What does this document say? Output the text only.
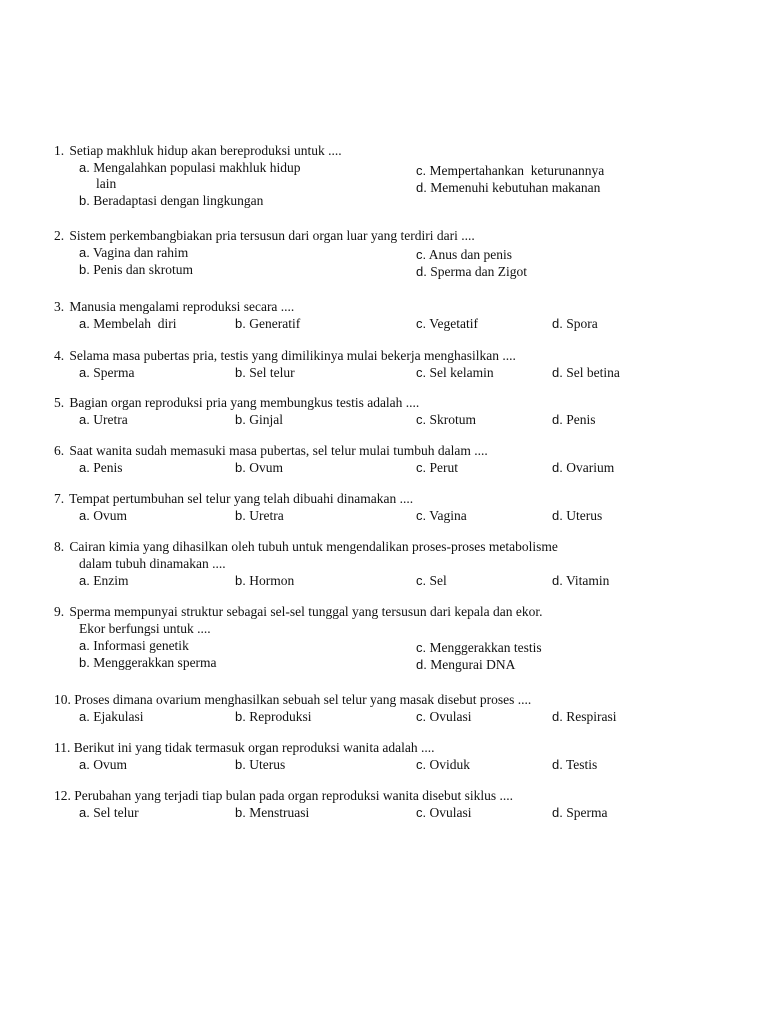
1. Setiap makhluk hidup akan bereproduksi untuk ....
a. Mengalahkan populasi makhluk hidup
lain
b. Beradaptasi dengan lingkungan
c. Mempertahankan  keturunannya
d. Memenuhi kebutuhan makanan
2. Sistem perkembangbiakan pria tersusun dari organ luar yang terdiri dari ....
a. Vagina dan rahim
b. Penis dan skrotum
c. Anus dan penis
d. Sperma dan Zigot
3. Manusia mengalami reproduksi secara ....
a. Membelah  diri	b. Generatif	c. Vegetatif	d. Spora
4. Selama masa pubertas pria, testis yang dimilikinya mulai bekerja menghasilkan ....
a. Sperma	b. Sel telur	c. Sel kelamin	d. Sel betina
5. Bagian organ reproduksi pria yang membungkus testis adalah ....
a. Uretra	b. Ginjal	c. Skrotum	d. Penis
6. Saat wanita sudah memasuki masa pubertas, sel telur mulai tumbuh dalam ....
a. Penis	b. Ovum	c. Perut	d. Ovarium
7. Tempat pertumbuhan sel telur yang telah dibuahi dinamakan ....
a. Ovum	b. Uretra	c. Vagina	d. Uterus
8. Cairan kimia yang dihasilkan oleh tubuh untuk mengendalikan proses-proses metabolisme
dalam tubuh dinamakan ....
a. Enzim	b. Hormon	c. Sel	d. Vitamin
9. Sperma mempunyai struktur sebagai sel-sel tunggal yang tersusun dari kepala dan ekor.
Ekor berfungsi untuk ....
a. Informasi genetik
b. Menggerakkan sperma
c. Menggerakkan testis
d. Mengurai DNA
10. Proses dimana ovarium menghasilkan sebuah sel telur yang masak disebut proses ....
a. Ejakulasi	b. Reproduksi	c. Ovulasi	d. Respirasi
11. Berikut ini yang tidak termasuk organ reproduksi wanita adalah ....
a. Ovum	b. Uterus	c. Oviduk	d. Testis
12. Perubahan yang terjadi tiap bulan pada organ reproduksi wanita disebut siklus ....
a. Sel telur	b. Menstruasi	c. Ovulasi	d. Sperma
